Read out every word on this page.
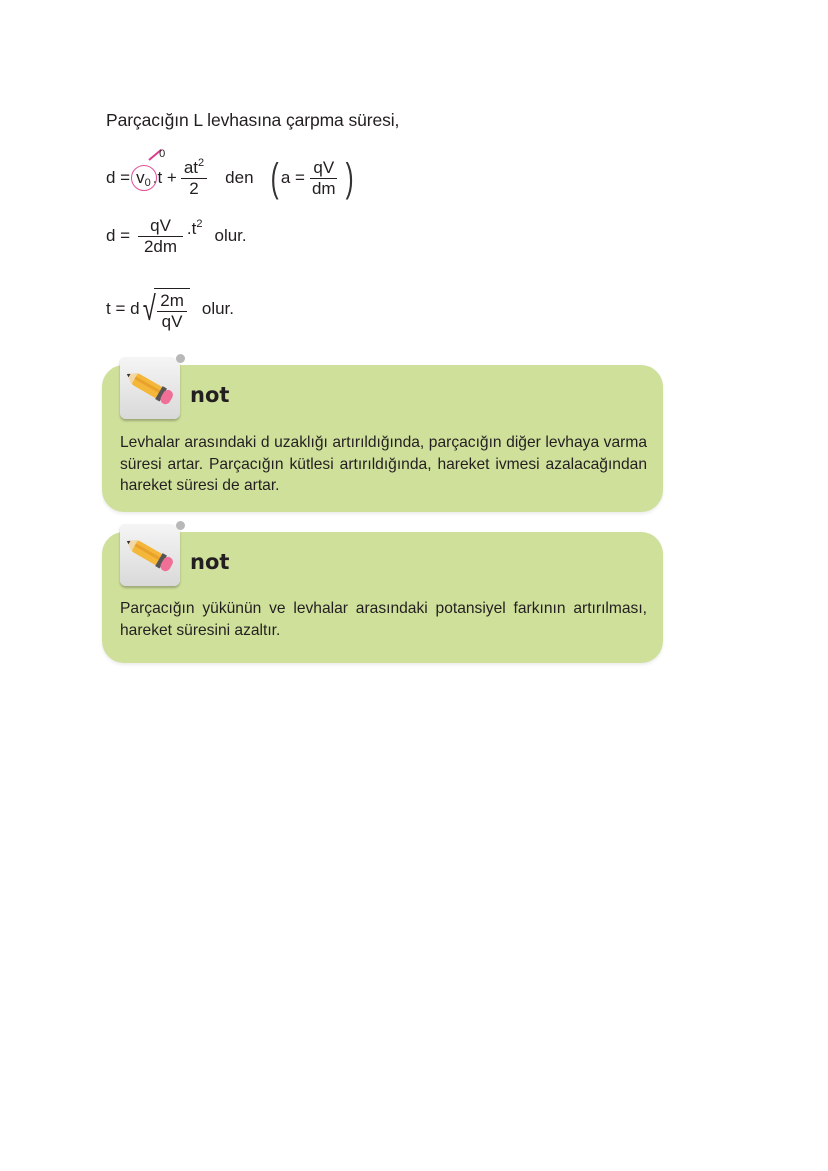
Parçacığın L levhasına çarpma süresi,
d =
0
$v_0$ $.t + \frac{at^2}{2}$ den ( $a = \frac{qV}{dm}$ )
$d = \frac{qV}{2dm} .t^2$
olur.
t = d √ $\frac{2m}{qV}$ olur.
not
Levhalar arasındaki d uzaklığı artırıldığında, parçacığın diğer levhaya varma süresi artar. Parçacığın kütlesi artırıldığında, hareket ivmesi azalacağından hareket süresi de artar.
not
Parçacığın yükünün ve levhalar arasındaki potansiyel farkının artırılması, hareket süresini azaltır.
